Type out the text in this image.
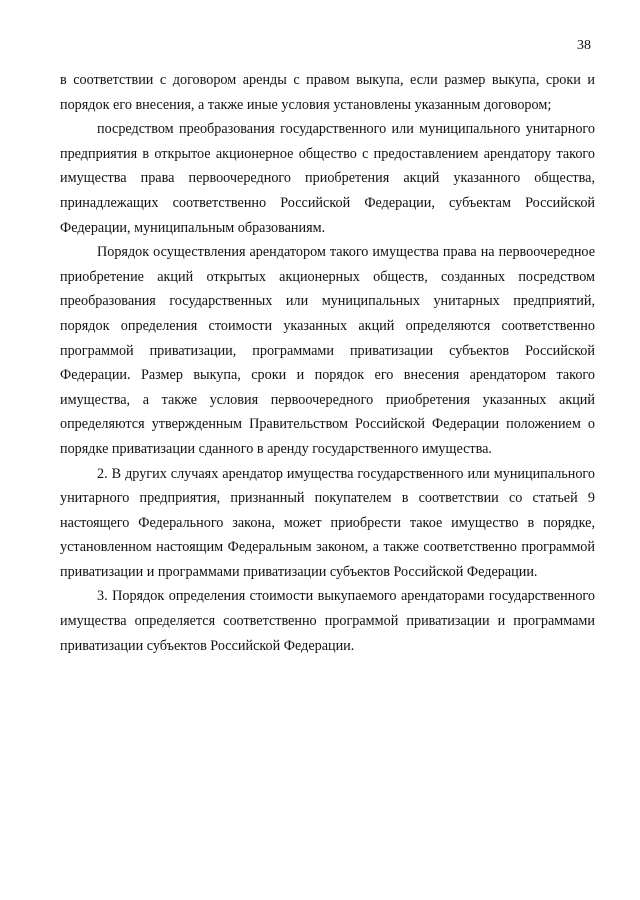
38

в соответствии с договором аренды с правом выкупа, если размер выкупа, сроки и порядок его внесения, а также иные условия установлены указанным договором;

посредством преобразования государственного или муниципального унитарного предприятия в открытое акционерное общество с предоставлением арендатору такого имущества права первоочередного приобретения акций указанного общества, принадлежащих соответственно Российской Федерации, субъектам Российской Федерации, муниципальным образованиям.

Порядок осуществления арендатором такого имущества права на первоочередное приобретение акций открытых акционерных обществ, созданных посредством преобразования государственных или муниципальных унитарных предприятий, порядок определения стоимости указанных акций определяются соответственно программой приватизации, программами приватизации субъектов Российской Федерации. Размер выкупа, сроки и порядок его внесения арендатором такого имущества, а также условия первоочередного приобретения указанных акций определяются утвержденным Правительством Российской Федерации положением о порядке приватизации сданного в аренду государственного имущества.

2. В других случаях арендатор имущества государственного или муниципального унитарного предприятия, признанный покупателем в соответствии со статьей 9 настоящего Федерального закона, может приобрести такое имущество в порядке, установленном настоящим Федеральным законом, а также соответственно программой приватизации и программами приватизации субъектов Российской Федерации.

3. Порядок определения стоимости выкупаемого арендаторами государственного имущества определяется соответственно программой приватизации и программами приватизации субъектов Российской Федерации.
